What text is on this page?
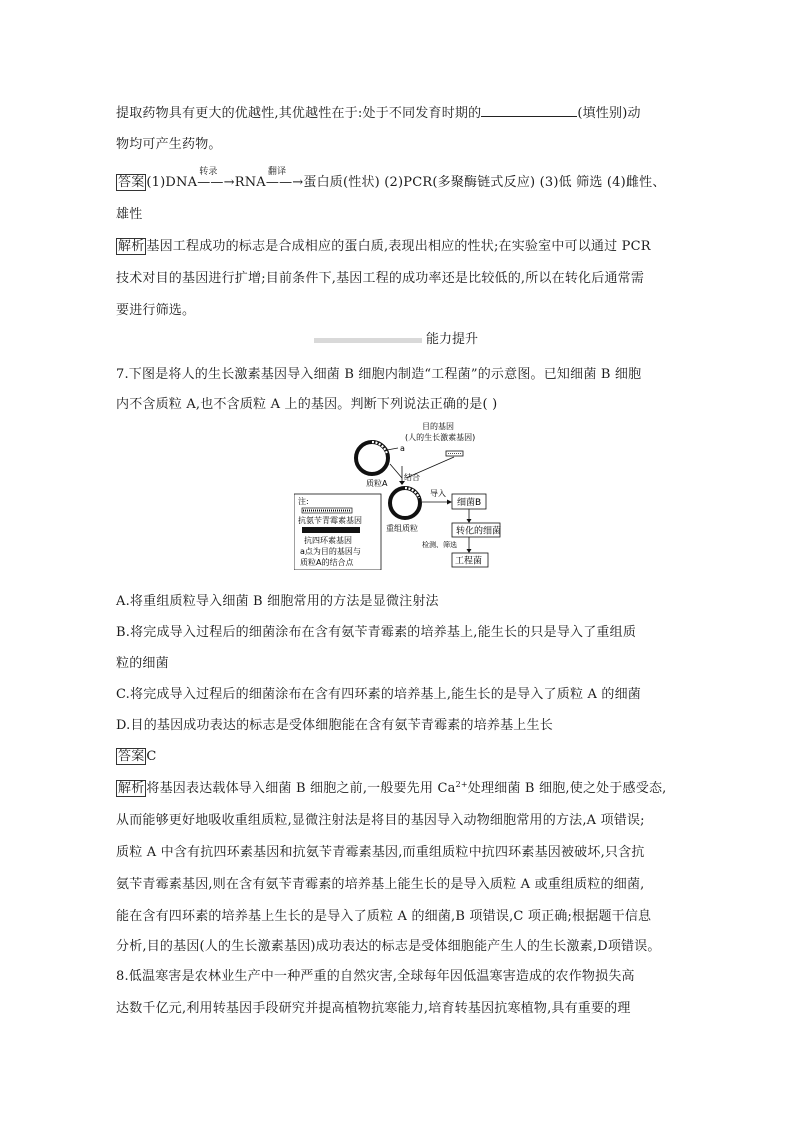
提取药物具有更大的优越性,其优越性在于:处于不同发育时期的	(填性别)动
物均可产生药物。
答案 (1)DNA
转录
——→RNA
翻译
——→蛋白质(性状) (2)PCR(多聚酶链式反应) (3)低 筛选 (4)雌性、
雄性
解析 基因工程成功的标志是合成相应的蛋白质,表现出相应的性状;在实验室中可以通过 PCR
技术对目的基因进行扩增;目前条件下,基因工程的成功率还是比较低的,所以在转化后通常需
要进行筛选。
能力提升
7.下图是将人的生长激素基因导入细菌 B 细胞内制造“工程菌”的示意图。已知细菌 B 细胞
内不含质粒 A,也不含质粒 A 上的基因。判断下列说法正确的是( )
a
质粒A
目的基因
(人的生长激素基因)
结合
重组质粒
导入
细菌B
转化的细菌
检测、筛选
工程菌
注:
抗氨苄青霉素基因
抗四环素基因
a点为目的基因与
质粒A的结合点
A.将重组质粒导入细菌 B 细胞常用的方法是显微注射法
B.将完成导入过程后的细菌涂布在含有氨苄青霉素的培养基上,能生长的只是导入了重组质
粒的细菌
C.将完成导入过程后的细菌涂布在含有四环素的培养基上,能生长的是导入了质粒 A 的细菌
D.目的基因成功表达的标志是受体细胞能在含有氨苄青霉素的培养基上生长
答案 C
解析 将基因表达载体导入细菌 B 细胞之前,一般要先用 $Ca^{2+}$处理细菌 B 细胞,使之处于感受态,
从而能够更好地吸收重组质粒,显微注射法是将目的基因导入动物细胞常用的方法,A 项错误;
质粒 A 中含有抗四环素基因和抗氨苄青霉素基因,而重组质粒中抗四环素基因被破坏,只含抗
氨苄青霉素基因,则在含有氨苄青霉素的培养基上能生长的是导入质粒 A 或重组质粒的细菌,
能在含有四环素的培养基上生长的是导入了质粒 A 的细菌,B 项错误,C 项正确;根据题干信息
分析,目的基因(人的生长激素基因)成功表达的标志是受体细胞能产生人的生长激素,D项错误。
8.低温寒害是农林业生产中一种严重的自然灾害,全球每年因低温寒害造成的农作物损失高
达数千亿元,利用转基因手段研究并提高植物抗寒能力,培育转基因抗寒植物,具有重要的理
